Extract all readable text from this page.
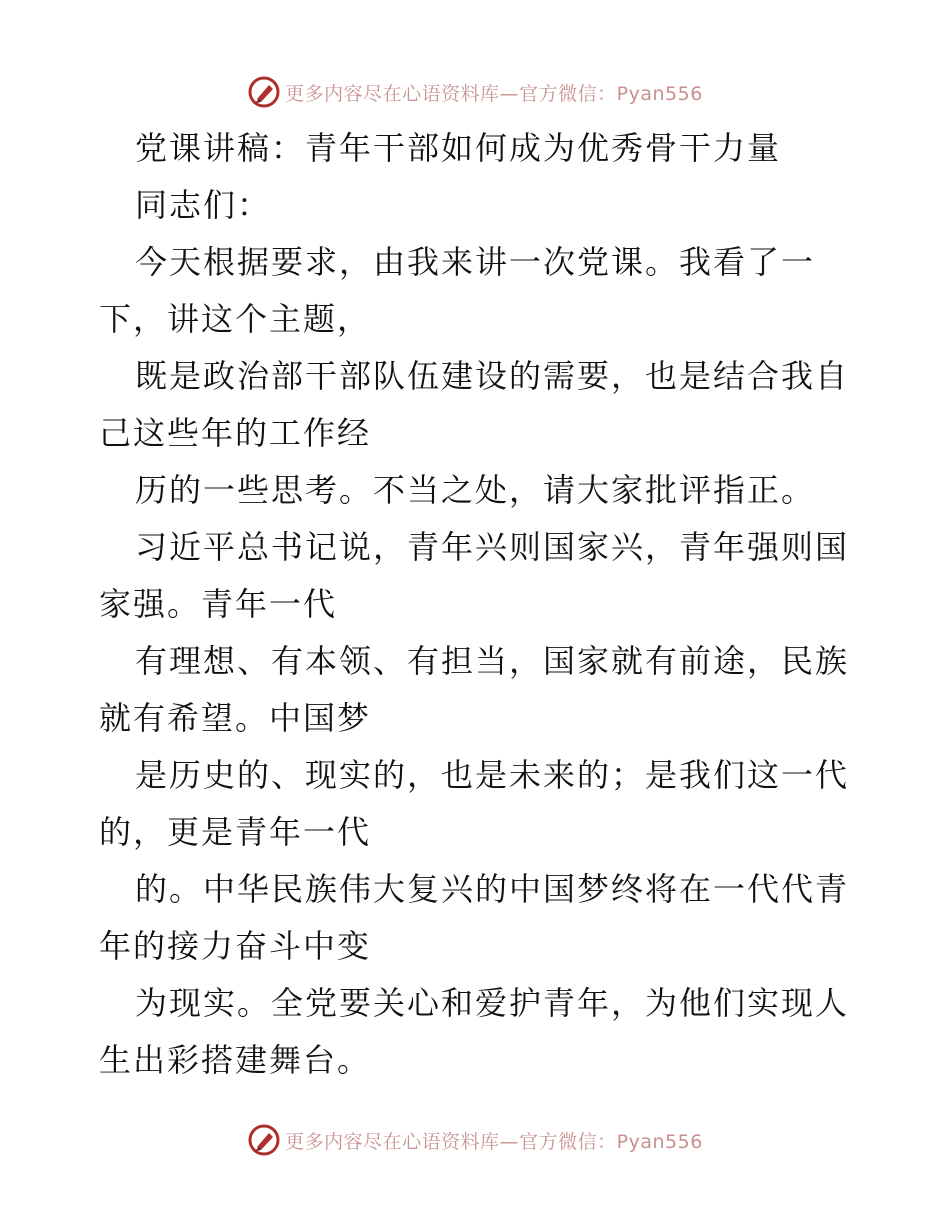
更多内容尽在心语资料库—官方微信：Pyan556
党课讲稿：青年干部如何成为优秀骨干力量
同志们：
今天根据要求，由我来讲一次党课。我看了一
下，讲这个主题，
既是政治部干部队伍建设的需要，也是结合我自
己这些年的工作经
历的一些思考。不当之处，请大家批评指正。
习近平总书记说，青年兴则国家兴，青年强则国
家强。青年一代
有理想、有本领、有担当，国家就有前途，民族
就有希望。中国梦
是历史的、现实的，也是未来的；是我们这一代
的，更是青年一代
的。中华民族伟大复兴的中国梦终将在一代代青
年的接力奋斗中变
为现实。全党要关心和爱护青年，为他们实现人
生出彩搭建舞台。
更多内容尽在心语资料库—官方微信：Pyan556
